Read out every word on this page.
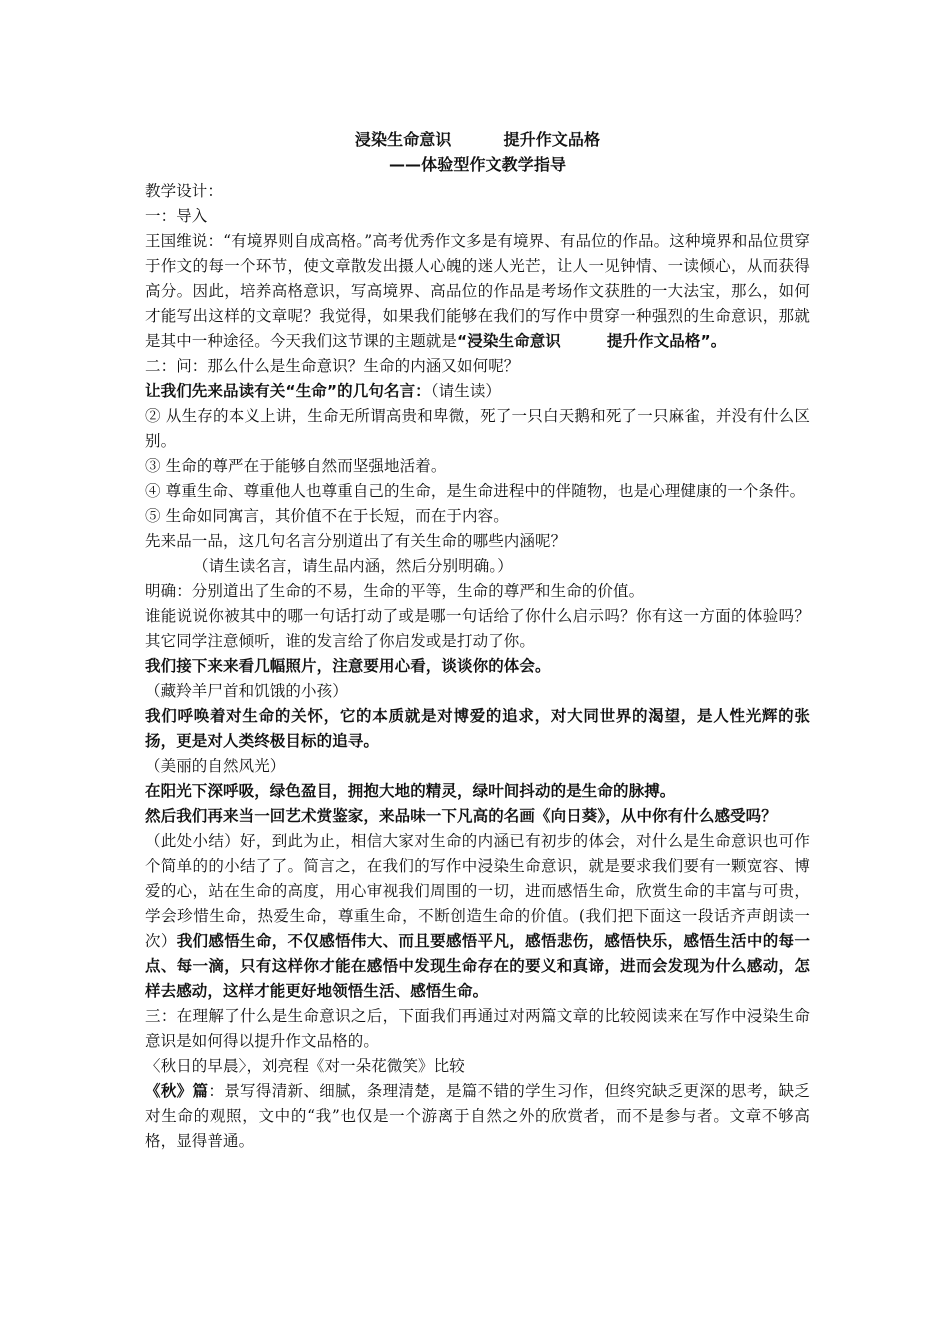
浸染生命意识	提升作文品格
——体验型作文教学指导

教学设计：

一：导入

王国维说：“有境界则自成高格。”高考优秀作文多是有境界、有品位的作品。这种境界和品位贯穿于作文的每一个环节，使文章散发出摄人心魄的迷人光芒，让人一见钟情、一读倾心，从而获得高分。因此，培养高格意识，写高境界、高品位的作品是考场作文获胜的一大法宝，那么，如何才能写出这样的文章呢？我觉得，如果我们能够在我们的写作中贯穿一种强烈的生命意识，那就是其中一种途径。今天我们这节课的主题就是“浸染生命意识	提升作文品格”。

二：问：那么什么是生命意识？生命的内涵又如何呢？

让我们先来品读有关“生命”的几句名言：（请生读）

② 从生存的本义上讲，生命无所谓高贵和卑微，死了一只白天鹅和死了一只麻雀，并没有什么区别。

③ 生命的尊严在于能够自然而坚强地活着。

④ 尊重生命、尊重他人也尊重自己的生命，是生命进程中的伴随物，也是心理健康的一个条件。

⑤ 生命如同寓言，其价值不在于长短，而在于内容。

先来品一品，这几句名言分别道出了有关生命的哪些内涵呢？

（请生读名言，请生品内涵，然后分别明确。）

明确：分别道出了生命的不易，生命的平等，生命的尊严和生命的价值。

谁能说说你被其中的哪一句话打动了或是哪一句话给了你什么启示吗？你有这一方面的体验吗？其它同学注意倾听，谁的发言给了你启发或是打动了你。

我们接下来来看几幅照片，注意要用心看，谈谈你的体会。

（藏羚羊尸首和饥饿的小孩）

我们呼唤着对生命的关怀，它的本质就是对博爱的追求，对大同世界的渴望，是人性光辉的张扬，更是对人类终极目标的追寻。

（美丽的自然风光）

在阳光下深呼吸，绿色盈目，拥抱大地的精灵，绿叶间抖动的是生命的脉搏。

然后我们再来当一回艺术赏鉴家，来品味一下凡高的名画《向日葵》，从中你有什么感受吗？

（此处小结）好，到此为止，相信大家对生命的内涵已有初步的体会，对什么是生命意识也可作个简单的的小结了了。简言之，在我们的写作中浸染生命意识，就是要求我们要有一颗宽容、博爱的心，站在生命的高度，用心审视我们周围的一切，进而感悟生命，欣赏生命的丰富与可贵，学会珍惜生命，热爱生命，尊重生命，不断创造生命的价值。(我们把下面这一段话齐声朗读一次）我们感悟生命，不仅感悟伟大、而且要感悟平凡，感悟悲伤，感悟快乐，感悟生活中的每一点、每一滴，只有这样你才能在感悟中发现生命存在的要义和真谛，进而会发现为什么感动，怎样去感动，这样才能更好地领悟生活、感悟生命。

三：在理解了什么是生命意识之后，下面我们再通过对两篇文章的比较阅读来在写作中浸染生命意识是如何得以提升作文品格的。

〈秋日的早晨〉，刘亮程《对一朵花微笑》比较

《秋》篇：景写得清新、细腻，条理清楚，是篇不错的学生习作，但终究缺乏更深的思考，缺乏对生命的观照，文中的“我”也仅是一个游离于自然之外的欣赏者，而不是参与者。文章不够高格，显得普通。
